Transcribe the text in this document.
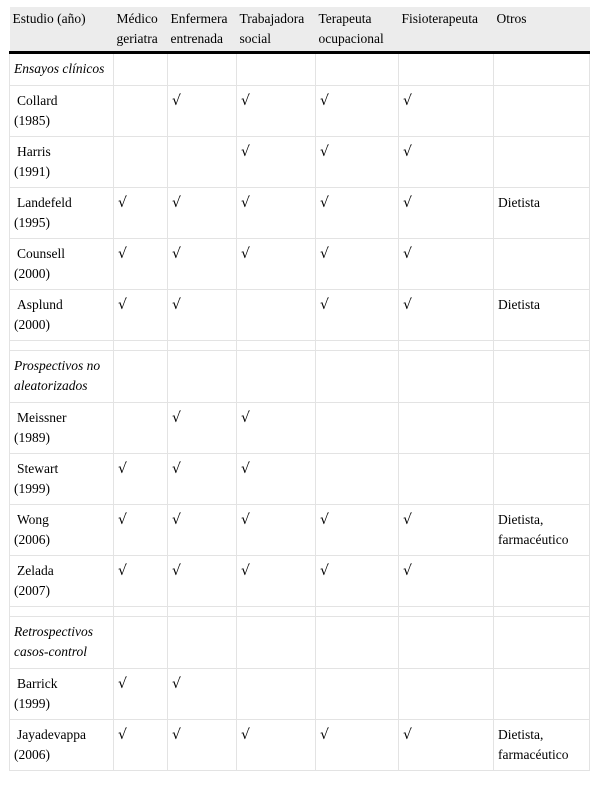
Estudio (año)	Médico geriatra	Enfermera entrenada	Trabajadora social	Terapeuta ocupacional	Fisioterapeuta	Otros
Ensayos clínicos						
Collard
(1985)		√	√	√	√	
Harris
(1991)			√	√	√	
Landefeld
(1995)	√	√	√	√	√	Dietista
Counsell
(2000)	√	√	√	√	√	
Asplund
(2000)	√	√		√	√	Dietista

Prospectivos no aleatorizados						
Meissner
(1989)		√	√			
Stewart
(1999)	√	√	√			
Wong
(2006)	√	√	√	√	√	Dietista, farmacéutico
Zelada
(2007)	√	√	√	√	√	

Retrospectivos casos-control						
Barrick
(1999)	√	√				
Jayadevappa
(2006)	√	√	√	√	√	Dietista, farmacéutico
